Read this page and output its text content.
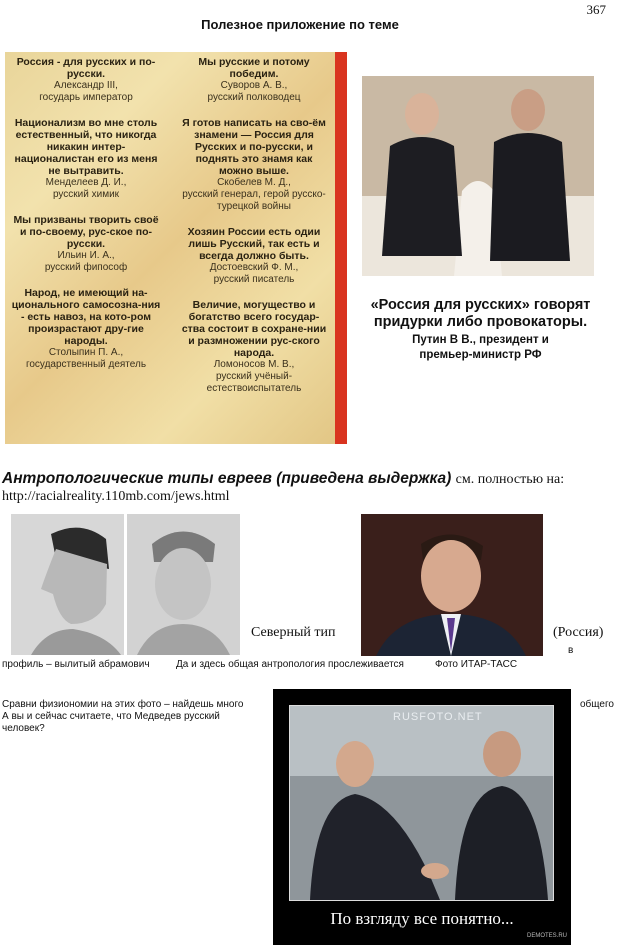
367
Полезное приложение по теме
Россия - для русских и по-русски.
Александр III,
государь император
Национализм во мне столь естественный, что никогда никакин интер-националистан его из меня не вытравить.
Менделеев Д. И.,
русский химик
Мы призваны творить своё и по-своему, рус-ское по-русски.
Ильин И. А.,
русский фипософ
Народ, не имеющий на-ционального самосозна-ния - есть навоз, на кото-ром произрастают дру-гие народы.
Столыпин П. А.,
государственный деятель
Мы русские и потому победим.
Суворов А. В.,
русский полководец
Я готов написать на сво-ём знамени — Россия для Русских и по-русски, и поднять это знамя как можно выше.
Скобелев М. Д.,
русский генерал, герой русско-турецкой войны
Хозяин России есть одии лишь Русский, так есть и всегда должно быть.
Достоевский Ф. М.,
русский писатель
Величие, могущество и богатство всего государ-ства состоит в сохране-нии и размножении рус-ского народа.
Ломоносов М. В.,
русский учёный-естествоиспытатель
«Россия для русских» говорят придурки либо провокаторы.
Путин В В., президент и
премьер-министр РФ
Антропологические типы евреев (приведена выдержка) см. полностью на:
http://racialreality.110mb.com/jews.html
Северный тип	(Россия)
в
профиль – вылитый абрамович	Да и здесь общая антропология прослеживается	Фото ИТАР-ТАСС
Сравни физиономии на этих фото – найдешь много	общего
А вы и сейчас считаете, что Медведев русский
человек?
RUSFOTO.NET
По взгляду все понятно...
DEMOTES.RU
